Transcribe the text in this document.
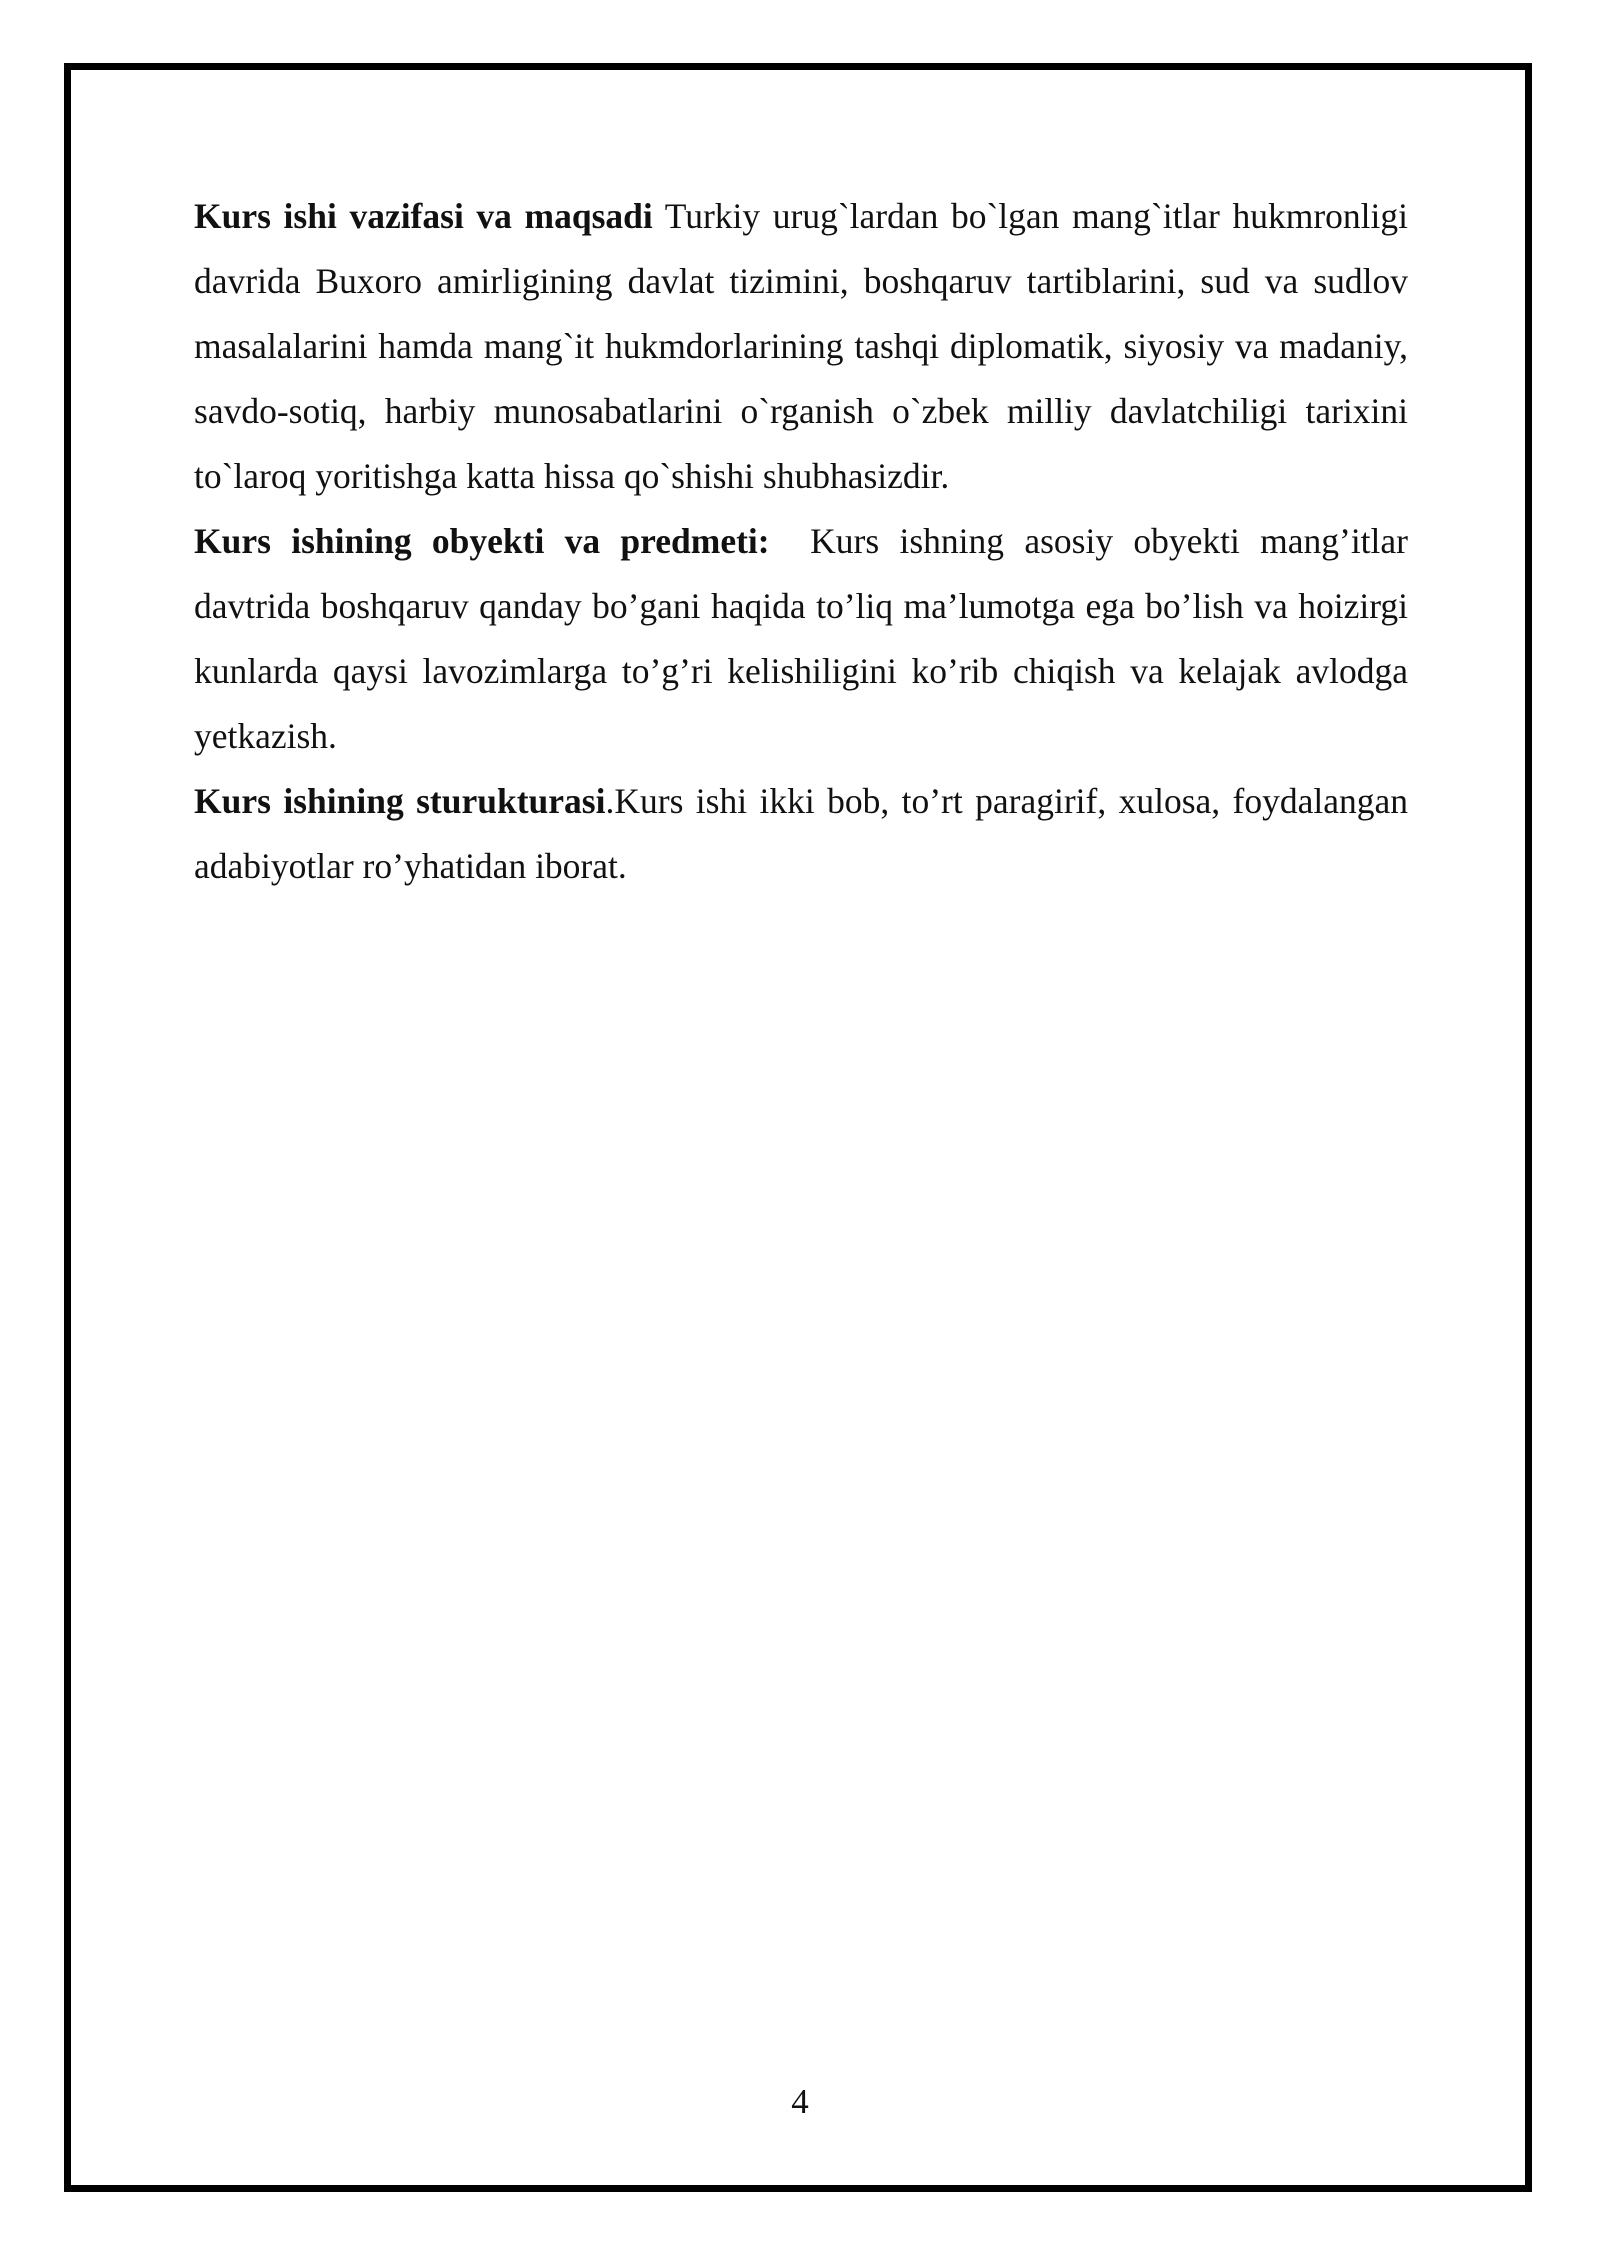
Kurs ishi vazifasi va maqsadi Turkiy urug`lardan bo`lgan mang`itlar hukmronligi davrida Buxoro amirligining davlat tizimini, boshqaruv tartiblarini, sud va sudlov masalalarini hamda mang`it hukmdorlarining tashqi diplomatik, siyosiy va madaniy, savdo-sotiq, harbiy munosabatlarini o`rganish o`zbek milliy davlatchiligi tarixini to`laroq yoritishga katta hissa qo`shishi shubhasizdir.

Kurs ishining obyekti va predmeti: Kurs ishning asosiy obyekti mang’itlar davtrida boshqaruv qanday bo’gani haqida to’liq ma’lumotga ega bo’lish va hoizirgi kunlarda qaysi lavozimlarga to’g’ri kelishiligini ko’rib chiqish va kelajak avlodga yetkazish.

Kurs ishining sturukturasi.Kurs ishi ikki bob, to’rt paragirif, xulosa, foydalangan adabiyotlar ro’yhatidan iborat.

4
